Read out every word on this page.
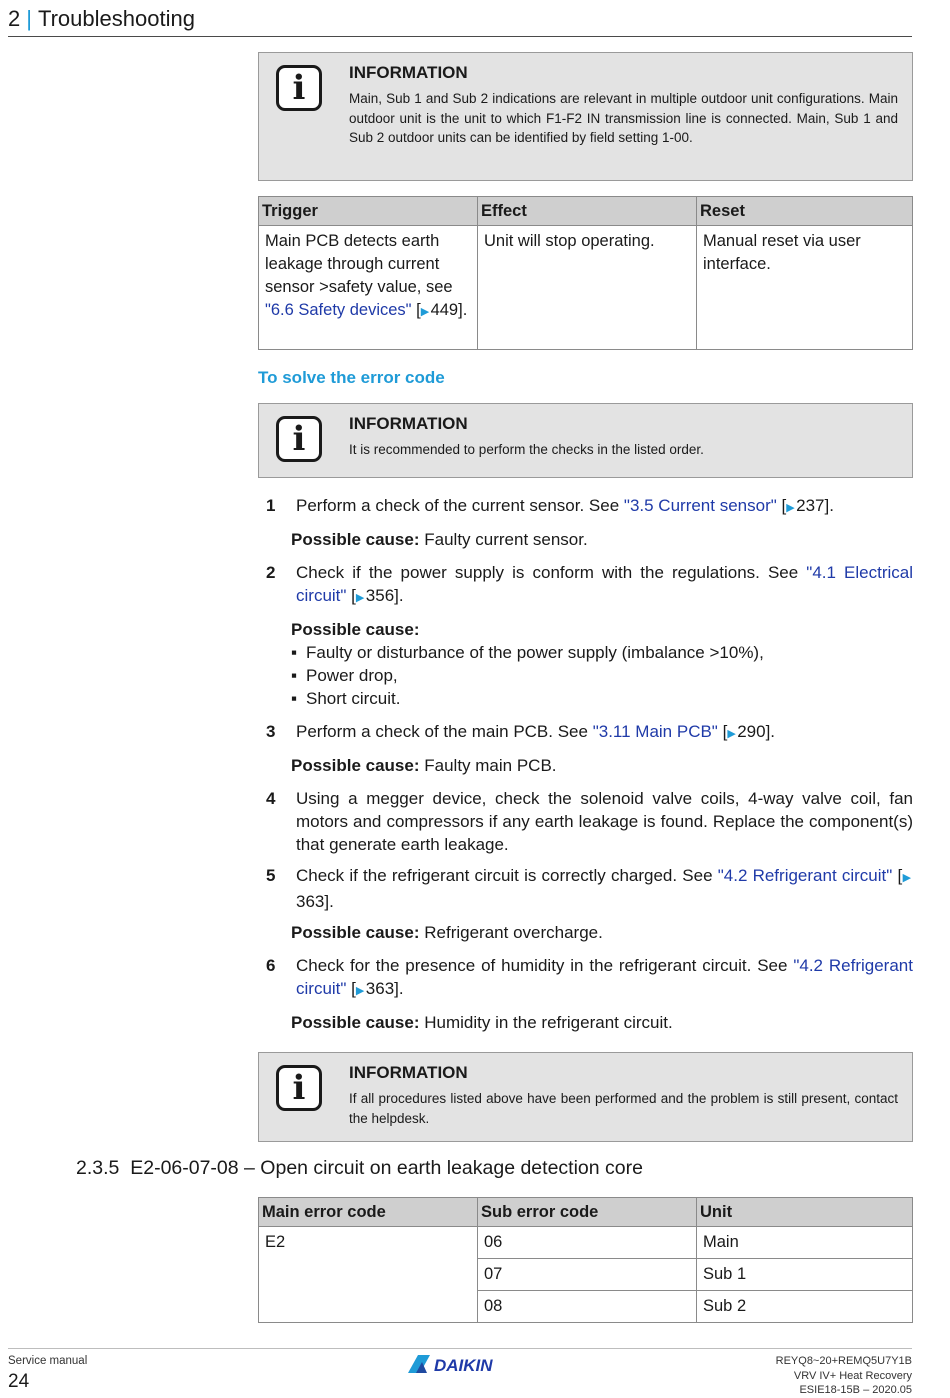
2 | Troubleshooting
i	INFORMATION
Main, Sub 1 and Sub 2 indications are relevant in multiple outdoor unit configurations. Main outdoor unit is the unit to which F1-F2 IN transmission line is connected. Main, Sub 1 and Sub 2 outdoor units can be identified by field setting 1-00.
Trigger	Effect	Reset
Main PCB detects earth leakage through current sensor >safety value, see "6.6 Safety devices" [▶ 449].	Unit will stop operating.	Manual reset via user interface.
To solve the error code
i	INFORMATION
It is recommended to perform the checks in the listed order.
1 Perform a check of the current sensor. See "3.5 Current sensor" [▶ 237].
Possible cause: Faulty current sensor.
2 Check if the power supply is conform with the regulations. See "4.1 Electrical circuit" [▶ 356].
Possible cause:
▪ Faulty or disturbance of the power supply (imbalance >10%),
▪ Power drop,
▪ Short circuit.
3 Perform a check of the main PCB. See "3.11 Main PCB" [▶ 290].
Possible cause: Faulty main PCB.
4 Using a megger device, check the solenoid valve coils, 4-way valve coil, fan motors and compressors if any earth leakage is found. Replace the component(s) that generate earth leakage.
5 Check if the refrigerant circuit is correctly charged. See "4.2 Refrigerant circuit" [▶ 363].
Possible cause: Refrigerant overcharge.
6 Check for the presence of humidity in the refrigerant circuit. See "4.2 Refrigerant circuit" [▶ 363].
Possible cause: Humidity in the refrigerant circuit.
i	INFORMATION
If all procedures listed above have been performed and the problem is still present, contact the helpdesk.
2.3.5 E2-06-07-08 – Open circuit on earth leakage detection core
Main error code	Sub error code	Unit
E2	06	Main
	07	Sub 1
	08	Sub 2
Service manual
24
DAIKIN	REYQ8~20+REMQ5U7Y1B
VRV IV+ Heat Recovery
ESIE18-15B – 2020.05
